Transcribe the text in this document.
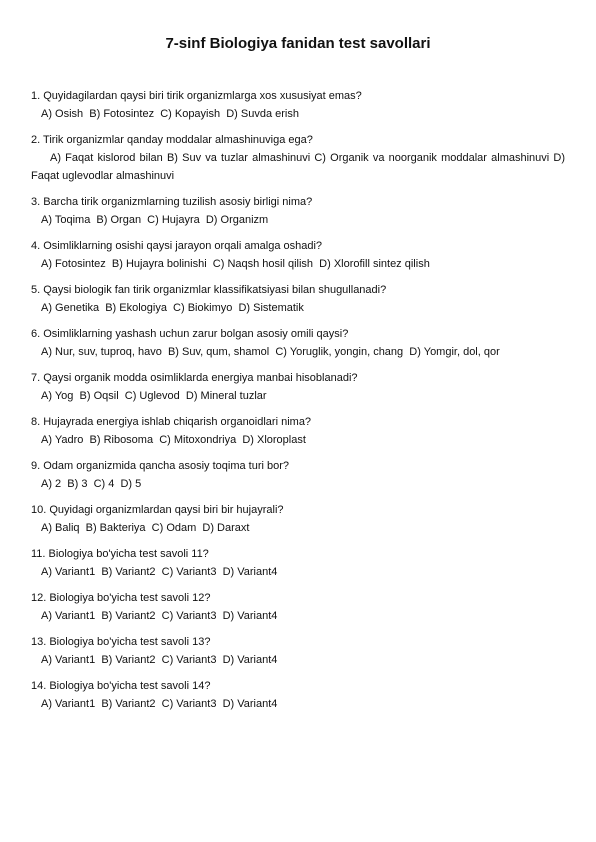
7-sinf Biologiya fanidan test savollari
1. Quyidagilardan qaysi biri tirik organizmlarga xos xususiyat emas?
A) Osish  B) Fotosintez  C) Kopayish  D) Suvda erish
2. Tirik organizmlar qanday moddalar almashinuviga ega?
A) Faqat kislorod bilan B) Suv va tuzlar almashinuvi C) Organik va noorganik moddalar almashinuvi D) Faqat uglevodlar almashinuvi
3. Barcha tirik organizmlarning tuzilish asosiy birligi nima?
A) Toqima  B) Organ  C) Hujayra  D) Organizm
4. Osimliklarning osishi qaysi jarayon orqali amalga oshadi?
A) Fotosintez  B) Hujayra bolinishi  C) Naqsh hosil qilish  D) Xlorofill sintez qilish
5. Qaysi biologik fan tirik organizmlar klassifikatsiyasi bilan shugullanadi?
A) Genetika  B) Ekologiya  C) Biokimyo  D) Sistematik
6. Osimliklarning yashash uchun zarur bolgan asosiy omili qaysi?
A) Nur, suv, tuproq, havo  B) Suv, qum, shamol  C) Yoruglik, yongin, chang  D) Yomgir, dol, qor
7. Qaysi organik modda osimliklarda energiya manbai hisoblanadi?
A) Yog  B) Oqsil  C) Uglevod  D) Mineral tuzlar
8. Hujayrada energiya ishlab chiqarish organoidlari nima?
A) Yadro  B) Ribosoma  C) Mitoxondriya  D) Xloroplast
9. Odam organizmida qancha asosiy toqima turi bor?
A) 2  B) 3  C) 4  D) 5
10. Quyidagi organizmlardan qaysi biri bir hujayrali?
A) Baliq  B) Bakteriya  C) Odam  D) Daraxt
11. Biologiya bo'yicha test savoli 11?
A) Variant1  B) Variant2  C) Variant3  D) Variant4
12. Biologiya bo'yicha test savoli 12?
A) Variant1  B) Variant2  C) Variant3  D) Variant4
13. Biologiya bo'yicha test savoli 13?
A) Variant1  B) Variant2  C) Variant3  D) Variant4
14. Biologiya bo'yicha test savoli 14?
A) Variant1  B) Variant2  C) Variant3  D) Variant4
